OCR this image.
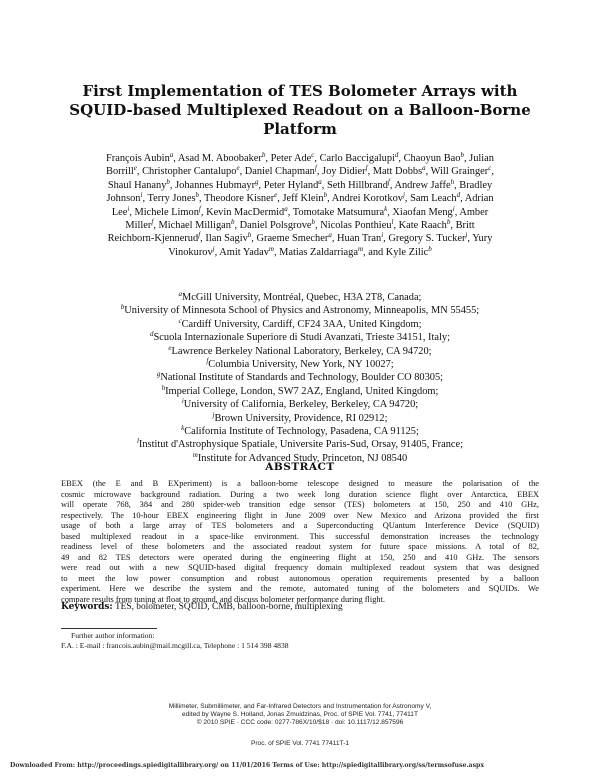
First Implementation of TES Bolometer Arrays with
SQUID-based Multiplexed Readout on a Balloon-Borne
Platform
François Aubin$^a$, Asad M. Aboobaker$^b$, Peter Ade$^c$, Carlo Baccigalupi$^d$, Chaoyun Bao$^b$, Julian
Borrill$^e$, Christopher Cantalupo$^e$, Daniel Chapman$^f$, Joy Didier$^f$, Matt Dobbs$^a$, Will Grainger$^c$,
Shaul Hanany$^b$, Johannes Hubmayr$^g$, Peter Hyland$^a$, Seth Hillbrand$^f$, Andrew Jaffe$^h$, Bradley
Johnson$^i$, Terry Jones$^b$, Theodore Kisner$^e$, Jeff Klein$^b$, Andrei Korotkov$^j$, Sam Leach$^d$, Adrian
Lee$^i$, Michele Limon$^f$, Kevin MacDermid$^a$, Tomotake Matsumura$^k$, Xiaofan Meng$^i$, Amber
Miller$^f$, Michael Milligan$^b$, Daniel Polsgrove$^b$, Nicolas Ponthieu$^l$, Kate Raach$^b$, Britt
Reichborn-Kjennerud$^f$, Ilan Sagiv$^b$, Graeme Smecher$^a$, Huan Tran$^i$, Gregory S. Tucker$^j$, Yury
Vinokurov$^j$, Amit Yadav$^m$, Matias Zaldarriaga$^m$, and Kyle Zilic$^b$
$^a$McGill University, Montréal, Quebec, H3A 2T8, Canada;
$^b$University of Minnesota School of Physics and Astronomy, Minneapolis, MN 55455;
$^c$Cardiff University, Cardiff, CF24 3AA, United Kingdom;
$^d$Scuola Internazionale Superiore di Studi Avanzati, Trieste 34151, Italy;
$^e$Lawrence Berkeley National Laboratory, Berkeley, CA 94720;
$^f$Columbia University, New York, NY 10027;
$^g$National Institute of Standards and Technology, Boulder CO 80305;
$^h$Imperial College, London, SW7 2AZ, England, United Kingdom;
$^i$University of California, Berkeley, Berkeley, CA 94720;
$^j$Brown University, Providence, RI 02912;
$^k$California Institute of Technology, Pasadena, CA 91125;
$^l$Institut d'Astrophysique Spatiale, Universite Paris-Sud, Orsay, 91405, France;
$^m$Institute for Advanced Study, Princeton, NJ 08540
ABSTRACT
EBEX (the E and B EXperiment) is a balloon-borne telescope designed to measure the polarisation of the
cosmic microwave background radiation. During a two week long duration science flight over Antarctica, EBEX
will operate 768, 384 and 280 spider-web transition edge sensor (TES) bolometers at 150, 250 and 410 GHz,
respectively. The 10-hour EBEX engineering flight in June 2009 over New Mexico and Arizona provided the first
usage of both a large array of TES bolometers and a Superconducting QUantum Interference Device (SQUID)
based multiplexed readout in a space-like environment. This successful demonstration increases the technology
readiness level of these bolometers and the associated readout system for future space missions. A total of 82,
49 and 82 TES detectors were operated during the engineering flight at 150, 250 and 410 GHz. The sensors
were read out with a new SQUID-based digital frequency domain multiplexed readout system that was designed
to meet the low power consumption and robust autonomous operation requirements presented by a balloon
experiment. Here we describe the system and the remote, automated tuning of the bolometers and SQUIDs. We
compare results from tuning at float to ground, and discuss bolometer performance during flight.
Keywords: TES, bolometer, SQUID, CMB, balloon-borne, multiplexing
Further author information:
F.A. : E-mail : francois.aubin@mail.mcgill.ca, Telephone : 1 514 398 4838
Millimeter, Submillimeter, and Far-Infrared Detectors and Instrumentation for Astronomy V,
edited by Wayne S. Holland, Jonas Zmuidzinas, Proc. of SPIE Vol. 7741, 77411T
© 2010 SPIE · CCC code: 0277-786X/10/$18 · doi: 10.1117/12.857596
Proc. of SPIE Vol. 7741 77411T-1
Downloaded From: http://proceedings.spiedigitallibrary.org/ on 11/01/2016 Terms of Use: http://spiedigitallibrary.org/ss/termsofuse.aspx
